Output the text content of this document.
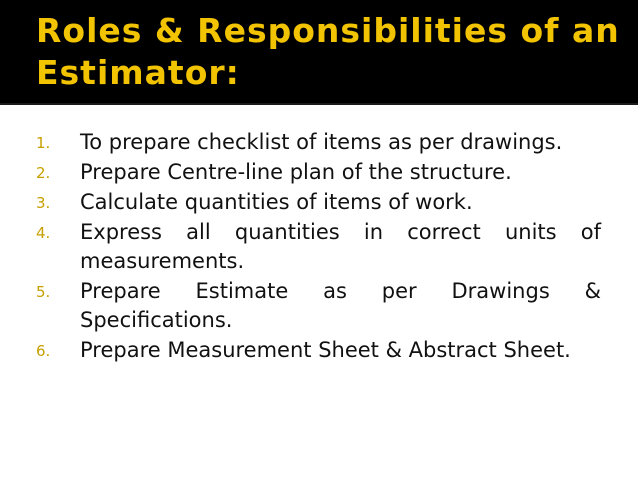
Roles & Responsibilities of an Estimator:
1.	To prepare checklist of items as per drawings.
2.	Prepare Centre-line plan of the structure.
3.	Calculate quantities of items of work.
4.	Express all quantities in correct units of measurements.
5.	Prepare Estimate as per Drawings & Specifications.
6.	Prepare Measurement Sheet & Abstract Sheet.
